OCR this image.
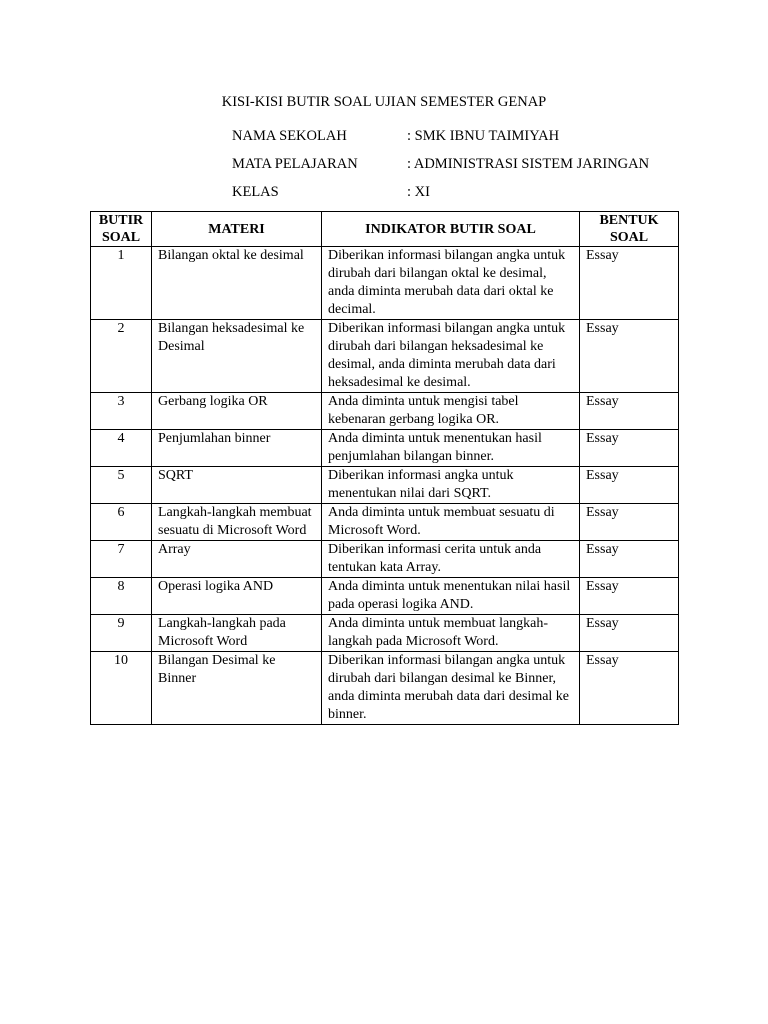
KISI-KISI BUTIR SOAL UJIAN SEMESTER GENAP
NAMA SEKOLAH	: SMK IBNU TAIMIYAH
MATA PELAJARAN	: ADMINISTRASI SISTEM JARINGAN
KELAS	: XI
BUTIR SOAL	MATERI	INDIKATOR BUTIR SOAL	BENTUK SOAL
1	Bilangan oktal ke desimal	Diberikan informasi bilangan angka untuk dirubah dari bilangan oktal ke desimal, anda diminta merubah data dari oktal ke decimal.	Essay
2	Bilangan heksadesimal ke Desimal	Diberikan informasi bilangan angka untuk dirubah dari bilangan heksadesimal ke desimal, anda diminta merubah data dari heksadesimal ke desimal.	Essay
3	Gerbang logika OR	Anda diminta untuk mengisi tabel kebenaran gerbang logika OR.	Essay
4	Penjumlahan binner	Anda diminta untuk menentukan hasil penjumlahan bilangan binner.	Essay
5	SQRT	Diberikan informasi angka untuk menentukan nilai dari SQRT.	Essay
6	Langkah-langkah membuat sesuatu di Microsoft Word	Anda diminta untuk membuat sesuatu di Microsoft Word.	Essay
7	Array	Diberikan informasi cerita untuk anda tentukan kata Array.	Essay
8	Operasi logika AND	Anda diminta untuk menentukan nilai hasil pada operasi logika AND.	Essay
9	Langkah-langkah pada Microsoft Word	Anda diminta untuk membuat langkah-langkah pada Microsoft Word.	Essay
10	Bilangan Desimal ke Binner	Diberikan informasi bilangan angka untuk dirubah dari bilangan desimal ke Binner, anda diminta merubah data dari desimal ke binner.	Essay
